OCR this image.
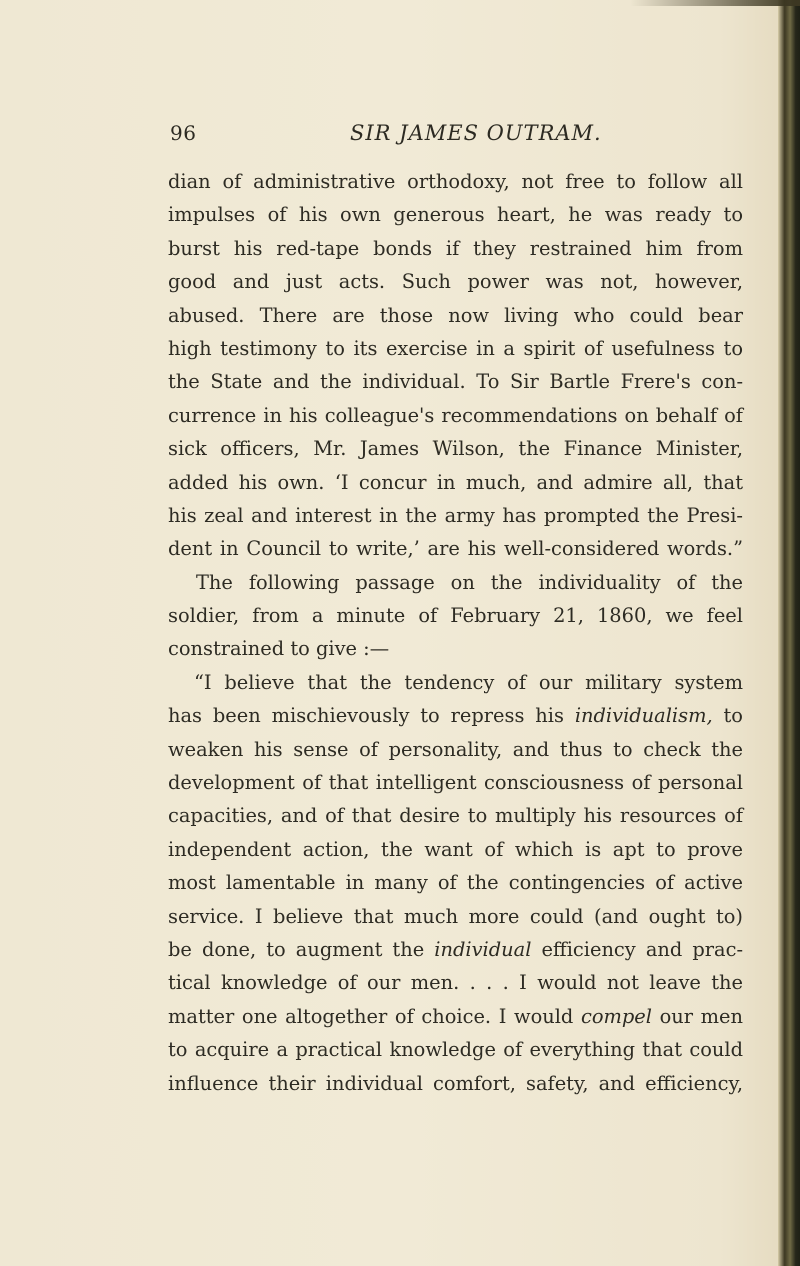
96	SIR JAMES OUTRAM.
dian of administrative orthodoxy, not free to follow all
impulses of his own generous heart, he was ready to
burst his red-tape bonds if they restrained him from
good and just acts. Such power was not, however,
abused. There are those now living who could bear
high testimony to its exercise in a spirit of usefulness to
the State and the individual. To Sir Bartle Frere's con-
currence in his colleague's recommendations on behalf of
sick officers, Mr. James Wilson, the Finance Minister,
added his own. ‘I concur in much, and admire all, that
his zeal and interest in the army has prompted the Presi-
dent in Council to write,’ are his well-considered words.”
The following passage on the individuality of the
soldier, from a minute of February 21, 1860, we feel
constrained to give :—
“I believe that the tendency of our military system
has been mischievously to repress his individualism, to
weaken his sense of personality, and thus to check the
development of that intelligent consciousness of personal
capacities, and of that desire to multiply his resources of
independent action, the want of which is apt to prove
most lamentable in many of the contingencies of active
service. I believe that much more could (and ought to)
be done, to augment the individual efficiency and prac-
tical knowledge of our men. . . . I would not leave the
matter one altogether of choice. I would compel our men
to acquire a practical knowledge of everything that could
influence their individual comfort, safety, and efficiency,
